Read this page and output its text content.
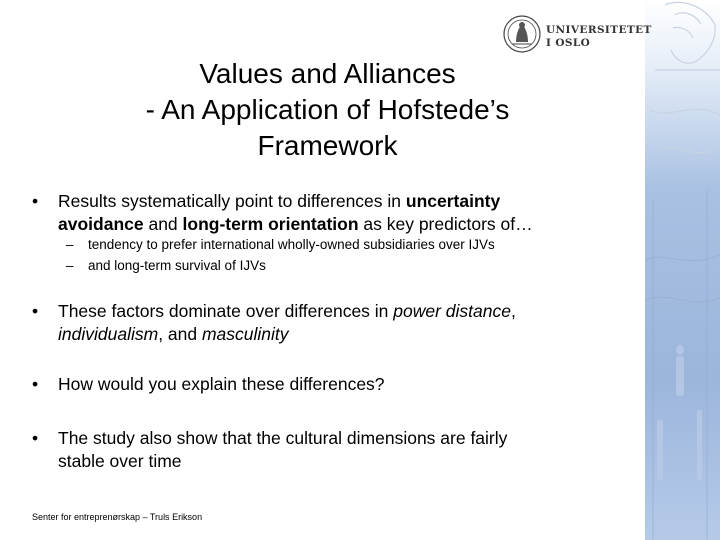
UNIVERSITETET
I OSLO
Values and Alliances
- An Application of Hofstede’s
Framework
• Results systematically point to differences in uncertainty
avoidance and long-term orientation as key predictors of…
– tendency to prefer international wholly-owned subsidiaries over IJVs
– and long-term survival of IJVs
• These factors dominate over differences in power distance,
individualism, and masculinity
• How would you explain these differences?
• The study also show that the cultural dimensions are fairly
stable over time
Senter for entreprenørskap – Truls Erikson
